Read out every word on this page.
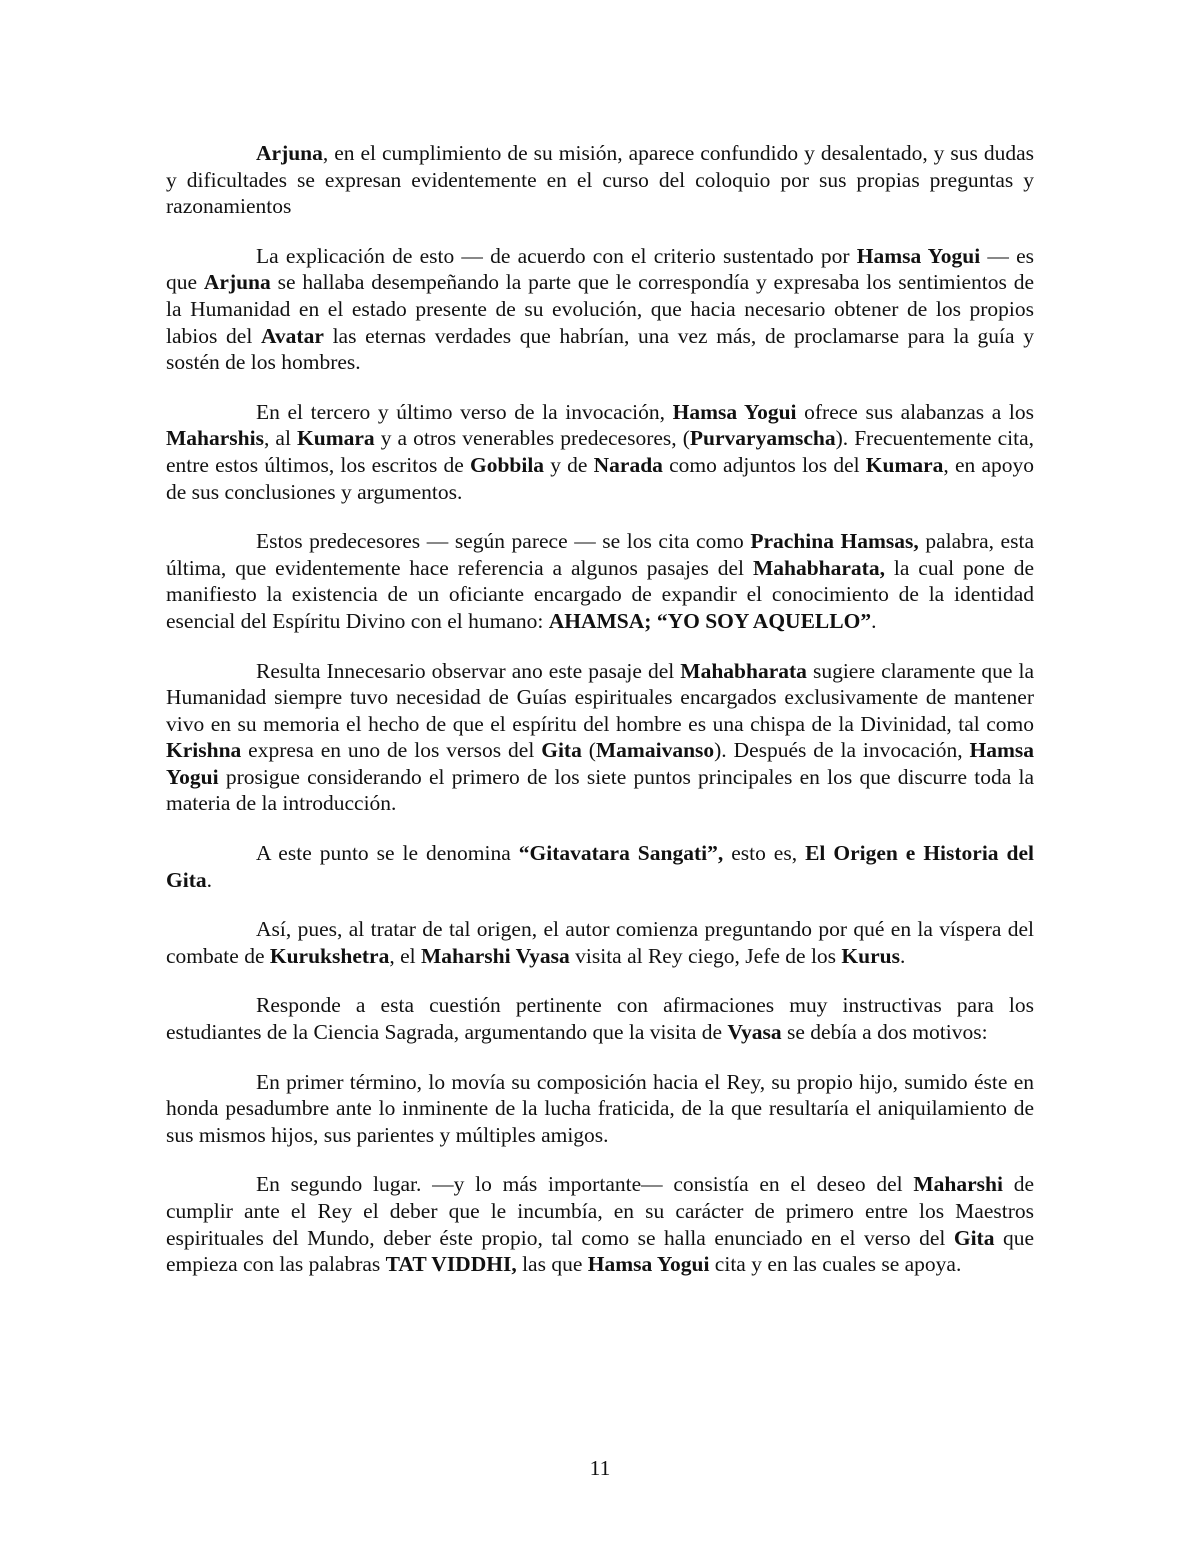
Arjuna, en el cumplimiento de su misión, aparece confundido y desalentado, y sus dudas y dificultades se expresan evidentemente en el curso del coloquio por sus propias preguntas y razonamientos

La explicación de esto — de acuerdo con el criterio sustentado por Hamsa Yogui — es que Arjuna se hallaba desempeñando la parte que le correspondía y expresaba los sentimientos de la Humanidad en el estado presente de su evolución, que hacia necesario obtener de los propios labios del Avatar las eternas verdades que habrían, una vez más, de proclamarse para la guía y sostén de los hombres.

En el tercero y último verso de la invocación, Hamsa Yogui ofrece sus alabanzas a los Maharshis, al Kumara y a otros venerables predecesores, (Purvaryamscha). Frecuentemente cita, entre estos últimos, los escritos de Gobbila y de Narada como adjuntos los del Kumara, en apoyo de sus conclusiones y argumentos.

Estos predecesores — según parece — se los cita como Prachina Hamsas, palabra, esta última, que evidentemente hace referencia a algunos pasajes del Mahabharata, la cual pone de manifiesto la existencia de un oficiante encargado de expandir el conocimiento de la identidad esencial del Espíritu Divino con el humano: AHAMSA; “YO SOY AQUELLO”.

Resulta Innecesario observar ano este pasaje del Mahabharata sugiere claramente que la Humanidad siempre tuvo necesidad de Guías espirituales encargados exclusivamente de mantener vivo en su memoria el hecho de que el espíritu del hombre es una chispa de la Divinidad, tal como Krishna expresa en uno de los versos del Gita (Mamaivanso). Después de la invocación, Hamsa Yogui prosigue considerando el primero de los siete puntos principales en los que discurre toda la materia de la introducción.

A este punto se le denomina “Gitavatara Sangati”, esto es, El Origen e Historia del Gita.

Así, pues, al tratar de tal origen, el autor comienza preguntando por qué en la víspera del combate de Kurukshetra, el Maharshi Vyasa visita al Rey ciego, Jefe de los Kurus.

Responde a esta cuestión pertinente con afirmaciones muy instructivas para los estudiantes de la Ciencia Sagrada, argumentando que la visita de Vyasa se debía a dos motivos:

En primer término, lo movía su composición hacia el Rey, su propio hijo, sumido éste en honda pesadumbre ante lo inminente de la lucha fraticida, de la que resultaría el aniquilamiento de sus mismos hijos, sus parientes y múltiples amigos.

En segundo lugar. —y lo más importante— consistía en el deseo del Maharshi de cumplir ante el Rey el deber que le incumbía, en su carácter de primero entre los Maestros espirituales del Mundo, deber éste propio, tal como se halla enunciado en el verso del Gita que empieza con las palabras TAT VIDDHI, las que Hamsa Yogui cita y en las cuales se apoya.

11
